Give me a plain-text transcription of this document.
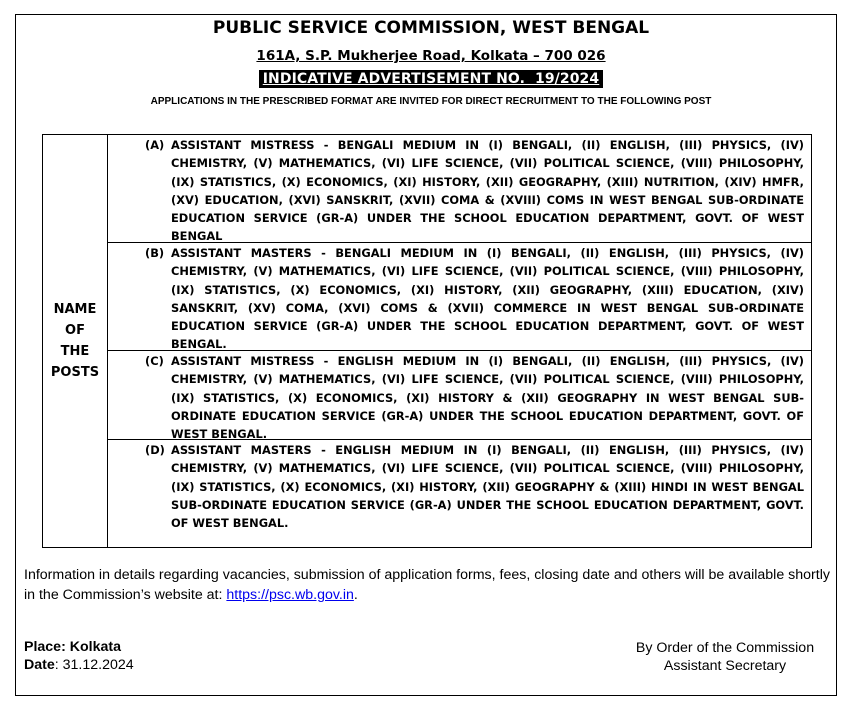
PUBLIC SERVICE COMMISSION, WEST BENGAL
161A, S.P. Mukherjee Road, Kolkata – 700 026
INDICATIVE ADVERTISEMENT NO.  19/2024
APPLICATIONS IN THE PRESCRIBED FORMAT ARE INVITED FOR DIRECT RECRUITMENT TO THE FOLLOWING POST
NAME
OF
THE
POSTS
(A) ASSISTANT MISTRESS - BENGALI MEDIUM IN (I) BENGALI, (II) ENGLISH, (III) PHYSICS, (IV) CHEMISTRY, (V) MATHEMATICS, (VI) LIFE SCIENCE, (VII) POLITICAL SCIENCE, (VIII) PHILOSOPHY, (IX) STATISTICS, (X) ECONOMICS, (XI) HISTORY, (XII) GEOGRAPHY, (XIII) NUTRITION, (XIV) HMFR, (XV) EDUCATION, (XVI) SANSKRIT, (XVII) COMA & (XVIII) COMS IN WEST BENGAL SUB-ORDINATE EDUCATION SERVICE (GR-A) UNDER THE SCHOOL EDUCATION DEPARTMENT, GOVT. OF WEST BENGAL
(B) ASSISTANT MASTERS - BENGALI MEDIUM IN (I) BENGALI, (II) ENGLISH, (III) PHYSICS, (IV) CHEMISTRY, (V) MATHEMATICS, (VI) LIFE SCIENCE, (VII) POLITICAL SCIENCE, (VIII) PHILOSOPHY, (IX) STATISTICS, (X) ECONOMICS, (XI) HISTORY, (XII) GEOGRAPHY, (XIII) EDUCATION, (XIV) SANSKRIT, (XV) COMA, (XVI) COMS & (XVII) COMMERCE IN WEST BENGAL SUB-ORDINATE EDUCATION SERVICE (GR-A) UNDER THE SCHOOL EDUCATION DEPARTMENT, GOVT. OF WEST BENGAL.
(C) ASSISTANT MISTRESS - ENGLISH MEDIUM IN (I) BENGALI, (II) ENGLISH, (III) PHYSICS, (IV) CHEMISTRY, (V) MATHEMATICS, (VI) LIFE SCIENCE, (VII) POLITICAL SCIENCE, (VIII) PHILOSOPHY, (IX) STATISTICS, (X) ECONOMICS, (XI) HISTORY & (XII) GEOGRAPHY IN WEST BENGAL SUB-ORDINATE EDUCATION SERVICE (GR-A) UNDER THE SCHOOL EDUCATION DEPARTMENT, GOVT. OF WEST BENGAL.
(D) ASSISTANT MASTERS - ENGLISH MEDIUM IN (I) BENGALI, (II) ENGLISH, (III) PHYSICS, (IV) CHEMISTRY, (V) MATHEMATICS, (VI) LIFE SCIENCE, (VII) POLITICAL SCIENCE, (VIII) PHILOSOPHY, (IX) STATISTICS, (X) ECONOMICS, (XI) HISTORY, (XII) GEOGRAPHY & (XIII) HINDI IN WEST BENGAL SUB-ORDINATE EDUCATION SERVICE (GR-A) UNDER THE SCHOOL EDUCATION DEPARTMENT, GOVT. OF WEST BENGAL.
Information in details regarding vacancies, submission of application forms, fees, closing date and others will be available shortly in the Commission’s website at: https://psc.wb.gov.in.
Place: Kolkata
Date: 31.12.2024
By Order of the Commission
Assistant Secretary
